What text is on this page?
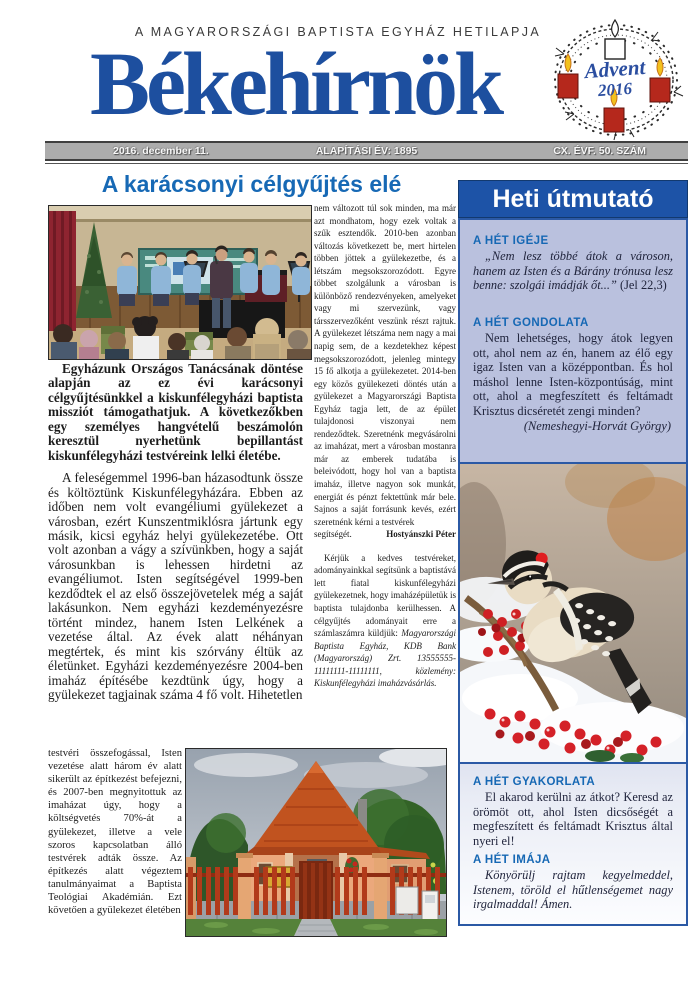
A MAGYARORSZÁGI BAPTISTA EGYHÁZ HETILAPJA
Békehírnök	Advent
2016
2016. december 11.	ALAPÍTÁSI ÉV: 1895	CX. ÉVF. 50. SZÁM
A karácsonyi célgyűjtés elé

nem változott túl sok minden, ma már azt mondhatom, hogy ezek voltak a szűk esztendők. 2010-ben azonban változás következett be, mert hirtelen többen jöttek a gyülekezetbe, és a létszám megsokszorozódott. Egyre többet szolgálunk a városban is különböző rendezvényeken, amelyeket vagy mi szervezünk, vagy társszervezőként veszünk részt rajtuk. A gyülekezet létszáma nem nagy a mai napig sem, de a kezdetekhez képest megsokszorozódott, jelenleg mintegy 15 fő alkotja a gyülekezetet. 2014-ben egy közös gyülekezeti döntés után a gyülekezet a Magyarországi Baptista Egyház tagja lett, de az épület tulajdonosi viszonyai nem rendeződtek. Szeretnénk megvásárolni az imaházat, mert a városban mostanra már az emberek tudatába is beleivódott, hogy hol van a baptista imaház, illetve nagyon sok munkát, energiát és pénzt fektettünk már bele. Sajnos a saját forrásunk kevés, ezért szeretnénk kérni a testvérek

segítségét.	Hostyánszki Péter

Kérjük a kedves testvéreket, adományainkkal segítsünk a baptistává lett fiatal kiskunfélegyházi gyülekezetnek, hogy imaházépületük is baptista tulajdonba kerülhessen. A célgyűjtés adományait erre a számlaszámra küldjük: Magyarországi Baptista Egyház, KDB Bank (Magyarország) Zrt. 13555555-11111111-11111111, közlemény: Kiskunfélegyházi imaházvásárlás.

Egyházunk Országos Tanácsának döntése alapján az ez évi karácsonyi célgyűjtésünkkel a kiskunfélegyházi baptista missziót támogathatjuk. A következőkben egy személyes hangvételű beszámolón keresztül nyerhetünk bepillantást kiskunfélegyházi testvéreink lelki életébe.

A feleségemmel 1996-ban házasodtunk össze és költöztünk Kiskunfélegyházára. Ebben az időben nem volt evangéliumi gyülekezet a városban, ezért Kunszentmiklósra jártunk egy másik, kicsi egyház helyi gyülekezetébe. Ott volt azonban a vágy a szívünkben, hogy a saját városunkban is lehessen hirdetni az evangéliumot. Isten segítségével 1999-ben kezdődtek el az első összejövetelek még a saját lakásunkon. Nem egyházi kezdeményezésre történt mindez, hanem Isten Lelkének a vezetése által. Az évek alatt néhányan megtértek, és mint kis szórvány éltük az életünket. Egyházi kezdeményezésre 2004-ben imaház építésébe kezdtünk úgy, hogy a gyülekezet tagjainak száma 4 fő volt. Hihetetlen

testvéri összefogással, Isten vezetése alatt három év alatt sikerült az építkezést befejezni, és 2007-ben megnyitottuk az imaházat úgy, hogy a költségvetés 70%-át a gyülekezet, illetve a vele szoros kapcsolatban álló testvérek adták össze. Az építkezés alatt végeztem tanulmányaimat a Baptista Teológiai Akadémián. Ezt követően a gyülekezet életében
Heti útmutató
A HÉT IGÉJE
„Nem lesz többé átok a városon, hanem az Isten és a Bárány trónusa lesz benne: szolgái imádják őt...” (Jel 22,3)
A HÉT GONDOLATA
Nem lehetséges, hogy átok legyen ott, ahol nem az én, hanem az élő egy igaz Isten van a középpontban. És hol máshol lenne Isten-központúság, mint ott, ahol a megfeszített és feltámadt Krisztus dicséretét zengi minden?
(Nemeshegyi-Horvát György)
A HÉT GYAKORLATA
El akarod kerülni az átkot? Keresd az örömöt ott, ahol Isten dicsőségét a megfeszített és feltámadt Krisztus által nyeri el!
A HÉT IMÁJA
Könyörülj rajtam kegyelmeddel, Istenem, töröld el hűtlenségemet nagy irgalmaddal! Ámen.
